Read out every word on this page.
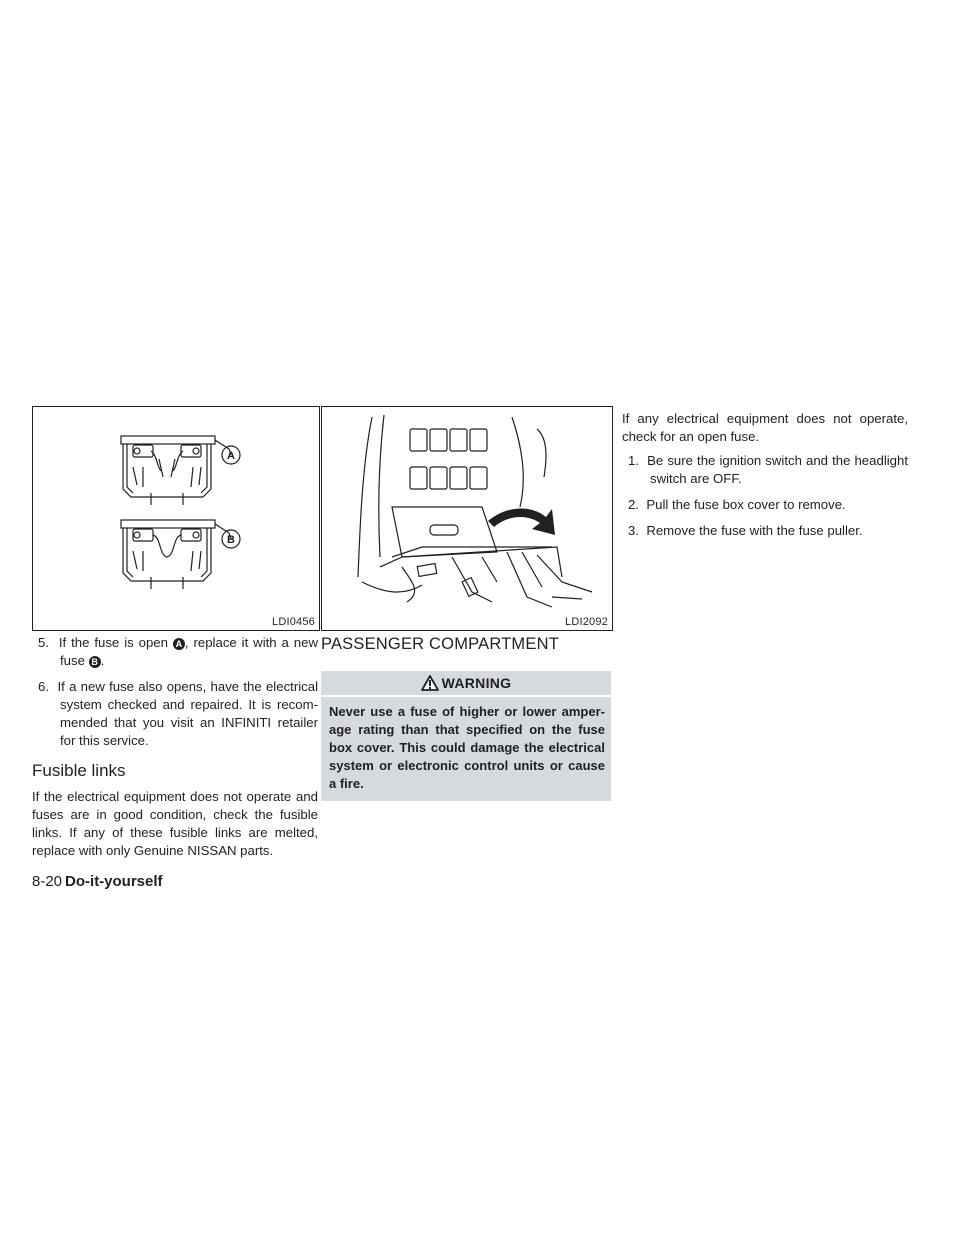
A
B
LDI0456	LDI2092
5. If the fuse is open A , replace it with a new fuse B .
6. If a new fuse also opens, have the electrical system checked and repaired. It is recommended that you visit an INFINITI retailer for this service.
Fusible links

If the electrical equipment does not operate and fuses are in good condition, check the fusible links. If any of these fusible links are melted, replace with only Genuine NISSAN parts.

PASSENGER COMPARTMENT
WARNING
Never use a fuse of higher or lower amperage rating than that specified on the fuse box cover. This could damage the electrical system or electronic control units or cause a fire.

If any electrical equipment does not operate, check for an open fuse.

1. Be sure the ignition switch and the headlight switch are OFF.
2. Pull the fuse box cover to remove.
3. Remove the fuse with the fuse puller.
8-20 Do-it-yourself
